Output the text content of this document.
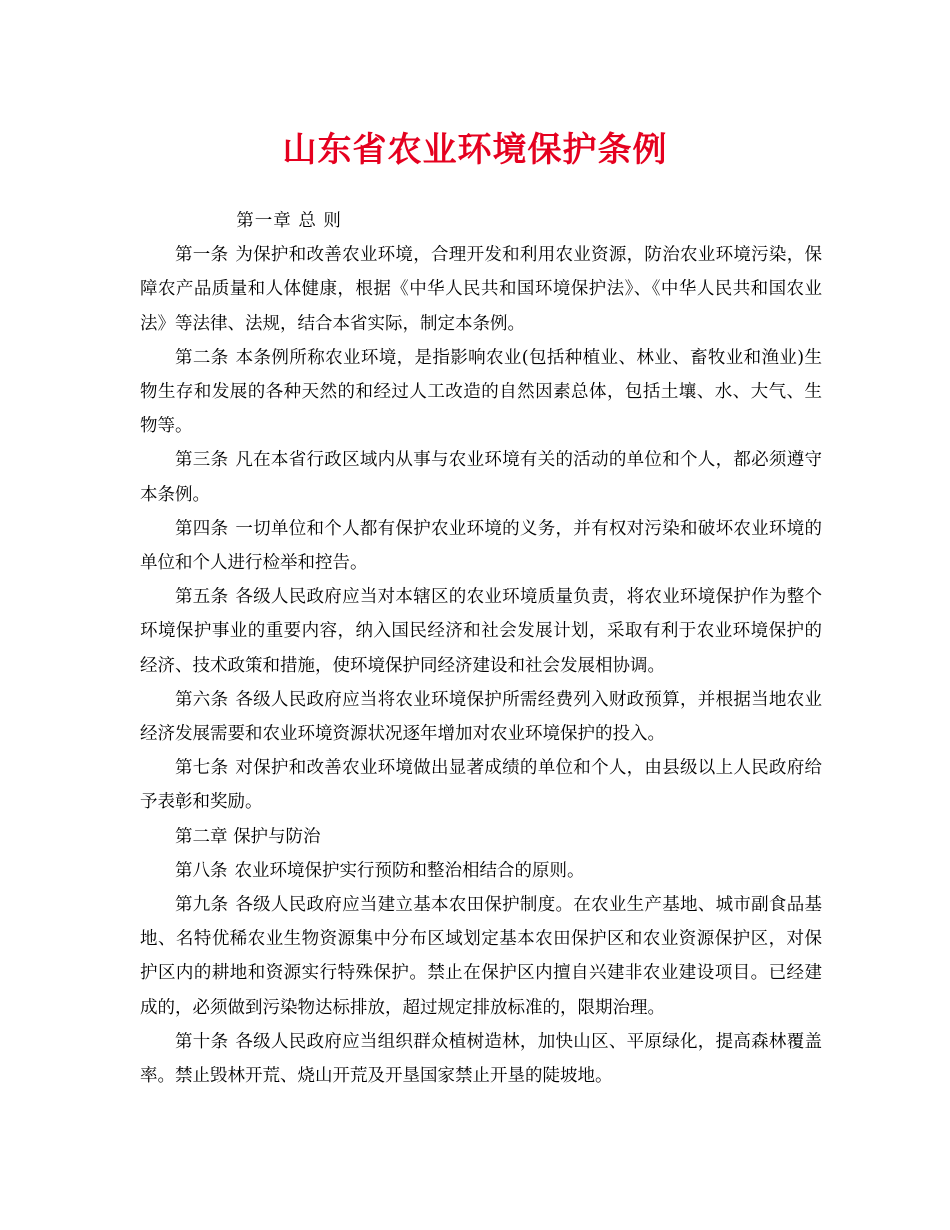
山东省农业环境保护条例

第一章 总 则

第一条 为保护和改善农业环境，合理开发和利用农业资源，防治农业环境污染，保障农产品质量和人体健康，根据《中华人民共和国环境保护法》、《中华人民共和国农业法》等法律、法规，结合本省实际，制定本条例。

第二条 本条例所称农业环境，是指影响农业(包括种植业、林业、畜牧业和渔业)生物生存和发展的各种天然的和经过人工改造的自然因素总体，包括土壤、水、大气、生物等。

第三条 凡在本省行政区域内从事与农业环境有关的活动的单位和个人，都必须遵守本条例。

第四条 一切单位和个人都有保护农业环境的义务，并有权对污染和破坏农业环境的单位和个人进行检举和控告。

第五条 各级人民政府应当对本辖区的农业环境质量负责，将农业环境保护作为整个环境保护事业的重要内容，纳入国民经济和社会发展计划，采取有利于农业环境保护的经济、技术政策和措施，使环境保护同经济建设和社会发展相协调。

第六条 各级人民政府应当将农业环境保护所需经费列入财政预算，并根据当地农业经济发展需要和农业环境资源状况逐年增加对农业环境保护的投入。

第七条 对保护和改善农业环境做出显著成绩的单位和个人，由县级以上人民政府给予表彰和奖励。

第二章 保护与防治

第八条 农业环境保护实行预防和整治相结合的原则。

第九条 各级人民政府应当建立基本农田保护制度。在农业生产基地、城市副食品基地、名特优稀农业生物资源集中分布区域划定基本农田保护区和农业资源保护区，对保护区内的耕地和资源实行特殊保护。禁止在保护区内擅自兴建非农业建设项目。已经建成的，必须做到污染物达标排放，超过规定排放标准的，限期治理。

第十条 各级人民政府应当组织群众植树造林，加快山区、平原绿化，提高森林覆盖率。禁止毁林开荒、烧山开荒及开垦国家禁止开垦的陡坡地。
